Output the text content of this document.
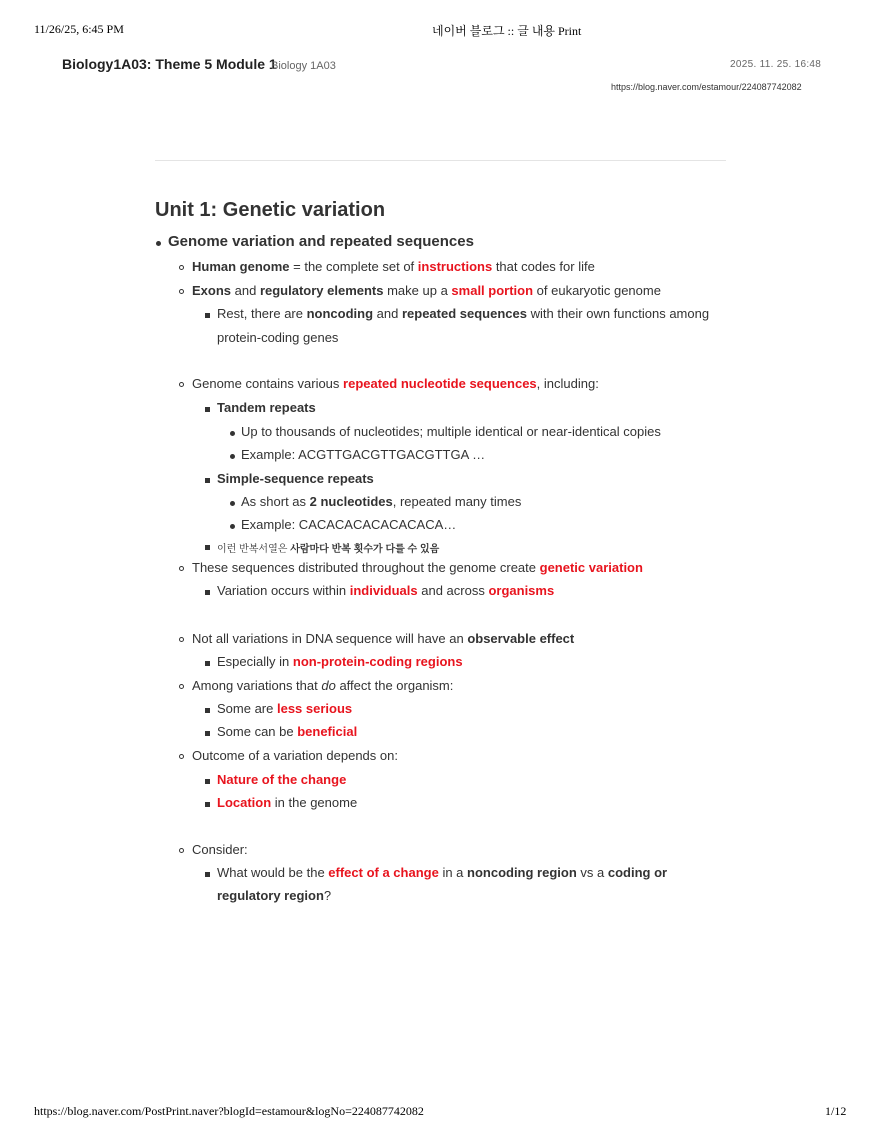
11/26/25, 6:45 PM	네이버 블로그 :: 글 내용 Print
Biology1A03: Theme 5 Module 1
Biology 1A03	2025. 11. 25. 16:48
https://blog.naver.com/estamour/224087742082
Unit 1: Genetic variation
Genome variation and repeated sequences
Human genome = the complete set of instructions that codes for life
Exons and regulatory elements make up a small portion of eukaryotic genome
Rest, there are noncoding and repeated sequences with their own functions among
protein-coding genes
Genome contains various repeated nucleotide sequences, including:
Tandem repeats
Up to thousands of nucleotides; multiple identical or near-identical copies
Example: ACGTTGACGTTGACGTTGA …
Simple-sequence repeats
As short as 2 nucleotides, repeated many times
Example: CACACACACACACACA…
이런 반복서열은 사람마다 반복 횟수가 다를 수 있음
These sequences distributed throughout the genome create genetic variation
Variation occurs within individuals and across organisms
Not all variations in DNA sequence will have an observable effect
Especially in non-protein-coding regions
Among variations that do affect the organism:
Some are less serious
Some can be beneficial
Outcome of a variation depends on:
Nature of the change
Location in the genome
Consider:
What would be the effect of a change in a noncoding region vs a coding or
regulatory region?
https://blog.naver.com/PostPrint.naver?blogId=estamour&logNo=224087742082	1/12
